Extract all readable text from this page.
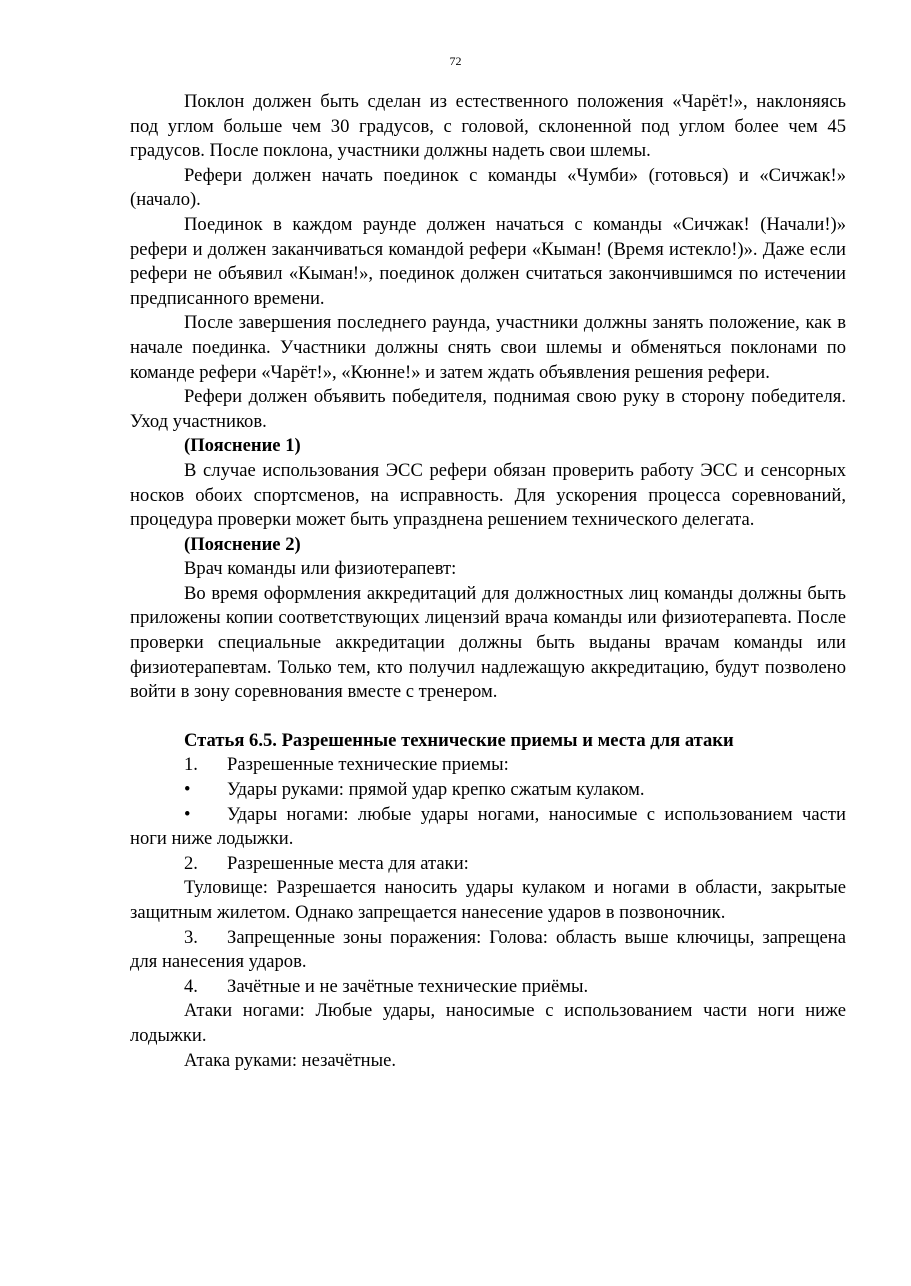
72

Поклон должен быть сделан из естественного положения «Чарёт!», наклоняясь под углом больше чем 30 градусов, с головой, склоненной под углом более чем 45 градусов. После поклона, участники должны надеть свои шлемы.

Рефери должен начать поединок с команды «Чумби» (готовься) и «Сичжак!» (начало).

Поединок в каждом раунде должен начаться с команды «Сичжак! (Начали!)» рефери и должен заканчиваться командой рефери «Кыман! (Время истекло!)». Даже если рефери не объявил «Кыман!», поединок должен считаться закончившимся по истечении предписанного времени.

После завершения последнего раунда, участники должны занять положение, как в начале поединка. Участники должны снять свои шлемы и обменяться поклонами по команде рефери «Чарёт!», «Кюнне!» и затем ждать объявления решения рефери.

Рефери должен объявить победителя, поднимая свою руку в сторону победителя. Уход участников.

(Пояснение 1)

В случае использования ЭСС рефери обязан проверить работу ЭСС и сенсорных носков обоих спортсменов, на исправность. Для ускорения процесса соревнований, процедура проверки может быть упразднена решением технического делегата.

(Пояснение 2)

Врач команды или физиотерапевт:

Во время оформления аккредитаций для должностных лиц команды должны быть приложены копии соответствующих лицензий врача команды или физиотерапевта. После проверки специальные аккредитации должны быть выданы врачам команды или физиотерапевтам. Только тем, кто получил надлежащую аккредитацию, будут позволено войти в зону соревнования вместе с тренером.

Статья 6.5. Разрешенные технические приемы и места для атаки
1. Разрешенные технические приемы:
• Удары руками: прямой удар крепко сжатым кулаком.
• Удары ногами: любые удары ногами, наносимые с использованием части ноги ниже лодыжки.
2. Разрешенные места для атаки:

Туловище: Разрешается наносить удары кулаком и ногами в области, закрытые защитным жилетом. Однако запрещается нанесение ударов в позвоночник.

3. Запрещенные зоны поражения: Голова: область выше ключицы, запрещена для нанесения ударов.
4. Зачётные и не зачётные технические приёмы.

Атаки ногами: Любые удары, наносимые с использованием части ноги ниже лодыжки.

Атака руками: незачётные.
